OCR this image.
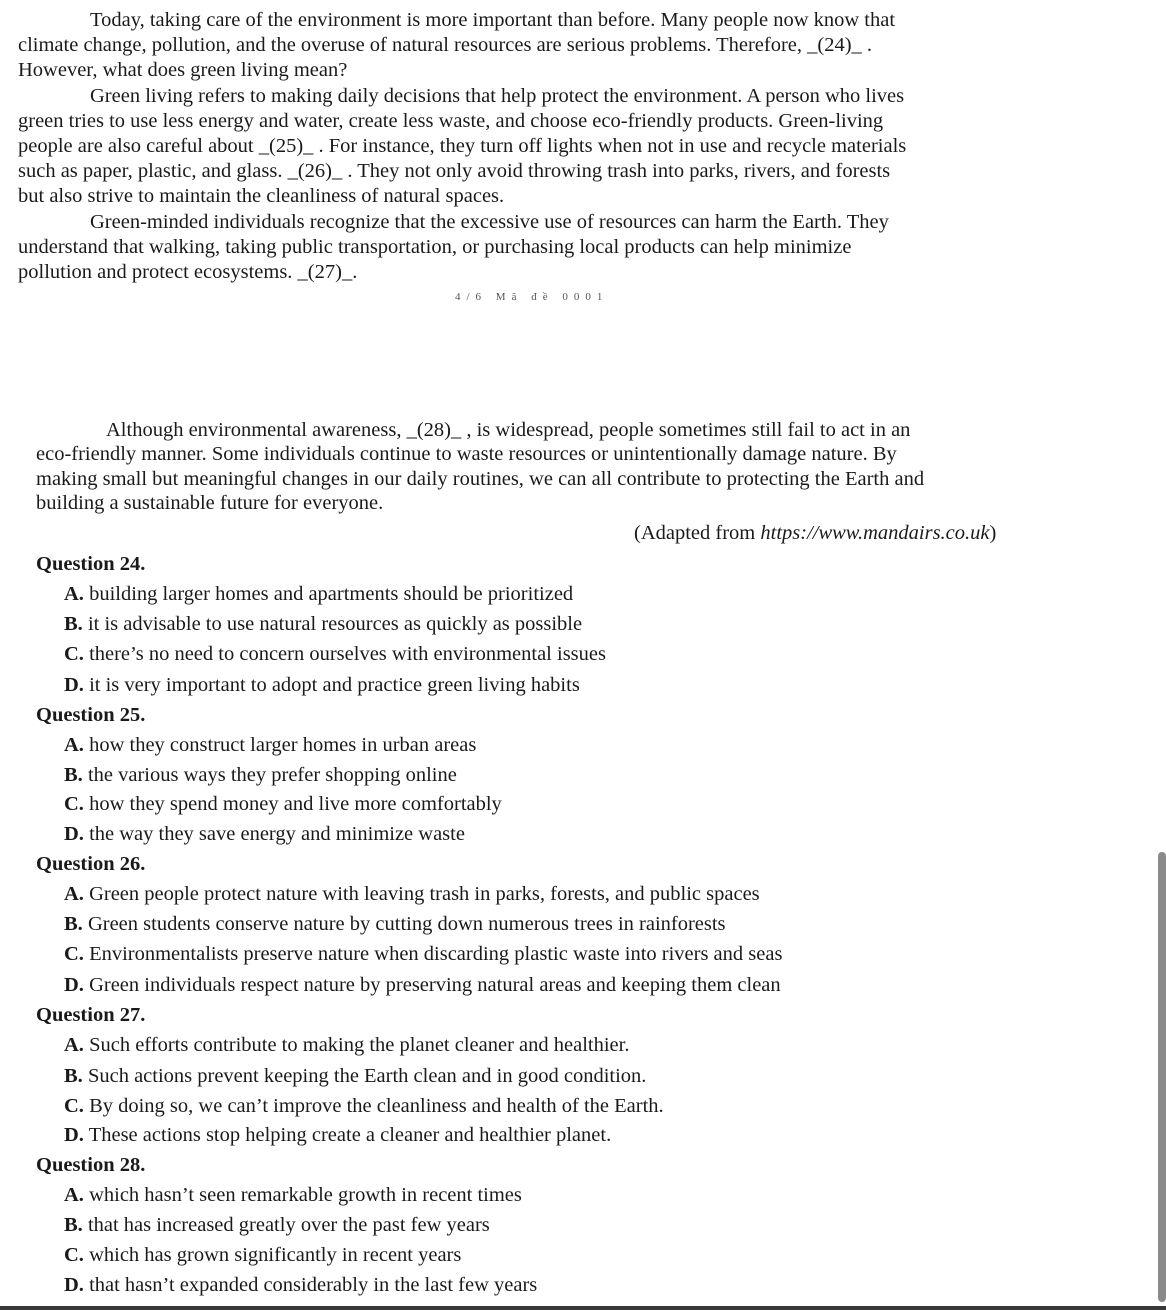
Today, taking care of the environment is more important than before. Many people now know that
climate change, pollution, and the overuse of natural resources are serious problems. Therefore, _(24)_ .
However, what does green living mean?
Green living refers to making daily decisions that help protect the environment. A person who lives
green tries to use less energy and water, create less waste, and choose eco-friendly products. Green-living
people are also careful about _(25)_ . For instance, they turn off lights when not in use and recycle materials
such as paper, plastic, and glass. _(26)_ . They not only avoid throwing trash into parks, rivers, and forests
but also strive to maintain the cleanliness of natural spaces.
Green-minded individuals recognize that the excessive use of resources can harm the Earth. They
understand that walking, taking public transportation, or purchasing local products can help minimize
pollution and protect ecosystems. _(27)_.
4/6 Mã đề 0001
Although environmental awareness, _(28)_ , is widespread, people sometimes still fail to act in an
eco-friendly manner. Some individuals continue to waste resources or unintentionally damage nature. By
making small but meaningful changes in our daily routines, we can all contribute to protecting the Earth and
building a sustainable future for everyone.
(Adapted from https://www.mandairs.co.uk)
Question 24.
A. building larger homes and apartments should be prioritized
B. it is advisable to use natural resources as quickly as possible
C. there’s no need to concern ourselves with environmental issues
D. it is very important to adopt and practice green living habits
Question 25.
A. how they construct larger homes in urban areas
B. the various ways they prefer shopping online
C. how they spend money and live more comfortably
D. the way they save energy and minimize waste
Question 26.
A. Green people protect nature with leaving trash in parks, forests, and public spaces
B. Green students conserve nature by cutting down numerous trees in rainforests
C. Environmentalists preserve nature when discarding plastic waste into rivers and seas
D. Green individuals respect nature by preserving natural areas and keeping them clean
Question 27.
A. Such efforts contribute to making the planet cleaner and healthier.
B. Such actions prevent keeping the Earth clean and in good condition.
C. By doing so, we can’t improve the cleanliness and health of the Earth.
D. These actions stop helping create a cleaner and healthier planet.
Question 28.
A. which hasn’t seen remarkable growth in recent times
B. that has increased greatly over the past few years
C. which has grown significantly in recent years
D. that hasn’t expanded considerably in the last few years
